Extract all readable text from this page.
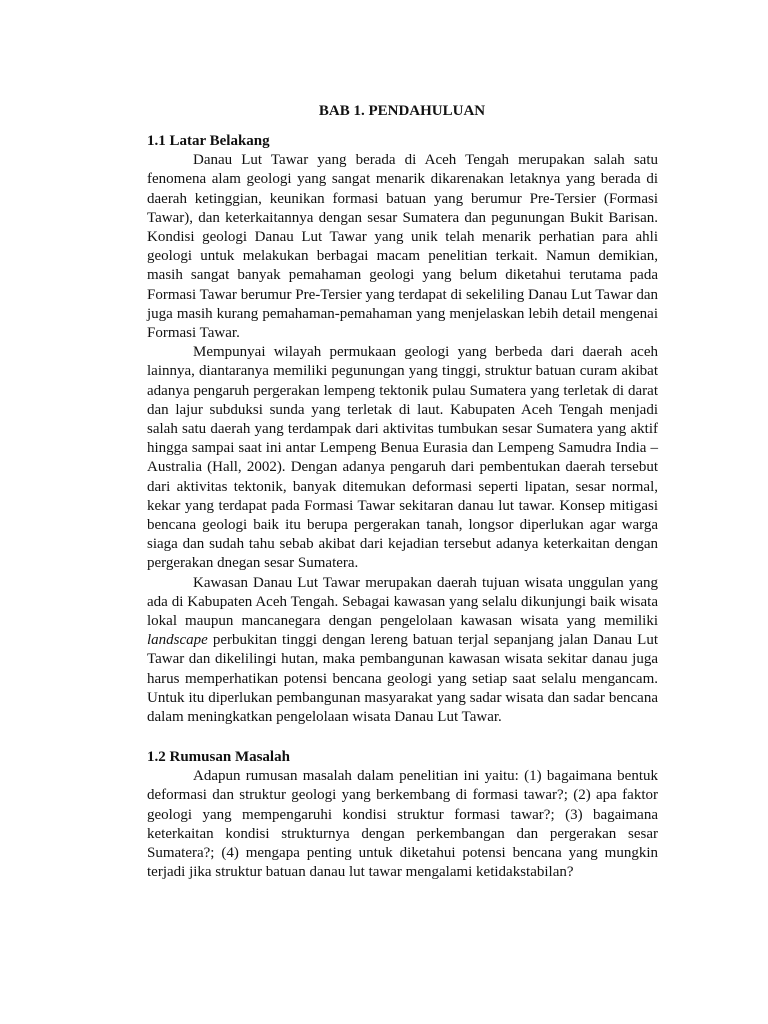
BAB 1. PENDAHULUAN
1.1 Latar Belakang

Danau Lut Tawar yang berada di Aceh Tengah merupakan salah satu fenomena alam geologi yang sangat menarik dikarenakan letaknya yang berada di daerah ketinggian, keunikan formasi batuan yang berumur Pre-Tersier (Formasi Tawar), dan keterkaitannya dengan sesar Sumatera dan pegunungan Bukit Barisan. Kondisi geologi Danau Lut Tawar yang unik telah menarik perhatian para ahli geologi untuk melakukan berbagai macam penelitian terkait. Namun demikian, masih sangat banyak pemahaman geologi yang belum diketahui terutama pada Formasi Tawar berumur Pre-Tersier yang terdapat di sekeliling Danau Lut Tawar dan juga masih kurang pemahaman-pemahaman yang menjelaskan lebih detail mengenai Formasi Tawar.

Mempunyai wilayah permukaan geologi yang berbeda dari daerah aceh lainnya, diantaranya memiliki pegunungan yang tinggi, struktur batuan curam akibat adanya pengaruh pergerakan lempeng tektonik pulau Sumatera yang terletak di darat dan lajur subduksi sunda yang terletak di laut. Kabupaten Aceh Tengah menjadi salah satu daerah yang terdampak dari aktivitas tumbukan sesar Sumatera yang aktif hingga sampai saat ini antar Lempeng Benua Eurasia dan Lempeng Samudra India – Australia (Hall, 2002). Dengan adanya pengaruh dari pembentukan daerah tersebut dari aktivitas tektonik, banyak ditemukan deformasi seperti lipatan, sesar normal, kekar yang terdapat pada Formasi Tawar sekitaran danau lut tawar. Konsep mitigasi bencana geologi baik itu berupa pergerakan tanah, longsor diperlukan agar warga siaga dan sudah tahu sebab akibat dari kejadian tersebut adanya keterkaitan dengan pergerakan dnegan sesar Sumatera.

Kawasan Danau Lut Tawar merupakan daerah tujuan wisata unggulan yang ada di Kabupaten Aceh Tengah. Sebagai kawasan yang selalu dikunjungi baik wisata lokal maupun mancanegara dengan pengelolaan kawasan wisata yang memiliki landscape perbukitan tinggi dengan lereng batuan terjal sepanjang jalan Danau Lut Tawar dan dikelilingi hutan, maka pembangunan kawasan wisata sekitar danau juga harus memperhatikan potensi bencana geologi yang setiap saat selalu mengancam. Untuk itu diperlukan pembangunan masyarakat yang sadar wisata dan sadar bencana dalam meningkatkan pengelolaan wisata Danau Lut Tawar.

1.2 Rumusan Masalah

Adapun rumusan masalah dalam penelitian ini yaitu: (1) bagaimana bentuk deformasi dan struktur geologi yang berkembang di formasi tawar?; (2) apa faktor geologi yang mempengaruhi kondisi struktur formasi tawar?; (3) bagaimana keterkaitan kondisi strukturnya dengan perkembangan dan pergerakan sesar Sumatera?; (4) mengapa penting untuk diketahui potensi bencana yang mungkin terjadi jika struktur batuan danau lut tawar mengalami ketidakstabilan?
